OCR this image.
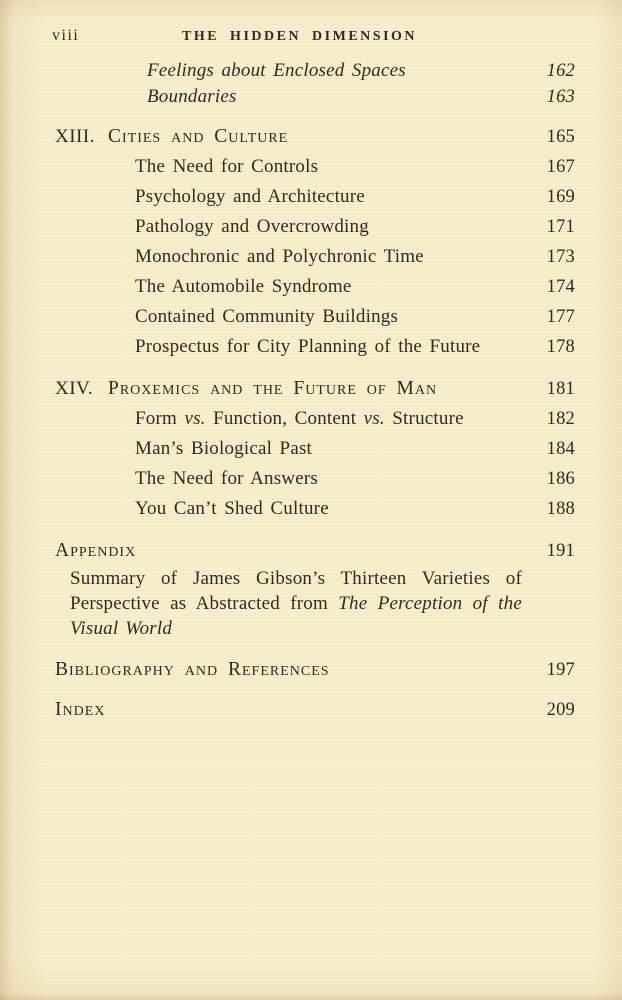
viii	THE HIDDEN DIMENSION
Feelings about Enclosed Spaces	162
Boundaries	163
XIII. Cities and Culture	165
The Need for Controls	167
Psychology and Architecture	169
Pathology and Overcrowding	171
Monochronic and Polychronic Time	173
The Automobile Syndrome	174
Contained Community Buildings	177
Prospectus for City Planning of the Future	178
XIV. Proxemics and the Future of Man	181
Form vs. Function, Content vs. Structure	182
Man’s Biological Past	184
The Need for Answers	186
You Can’t Shed Culture	188
Appendix	191

Summary of James Gibson’s Thirteen Varieties of Perspective as Abstracted from The Perception of the Visual World

Bibliography and References	197
Index	209
